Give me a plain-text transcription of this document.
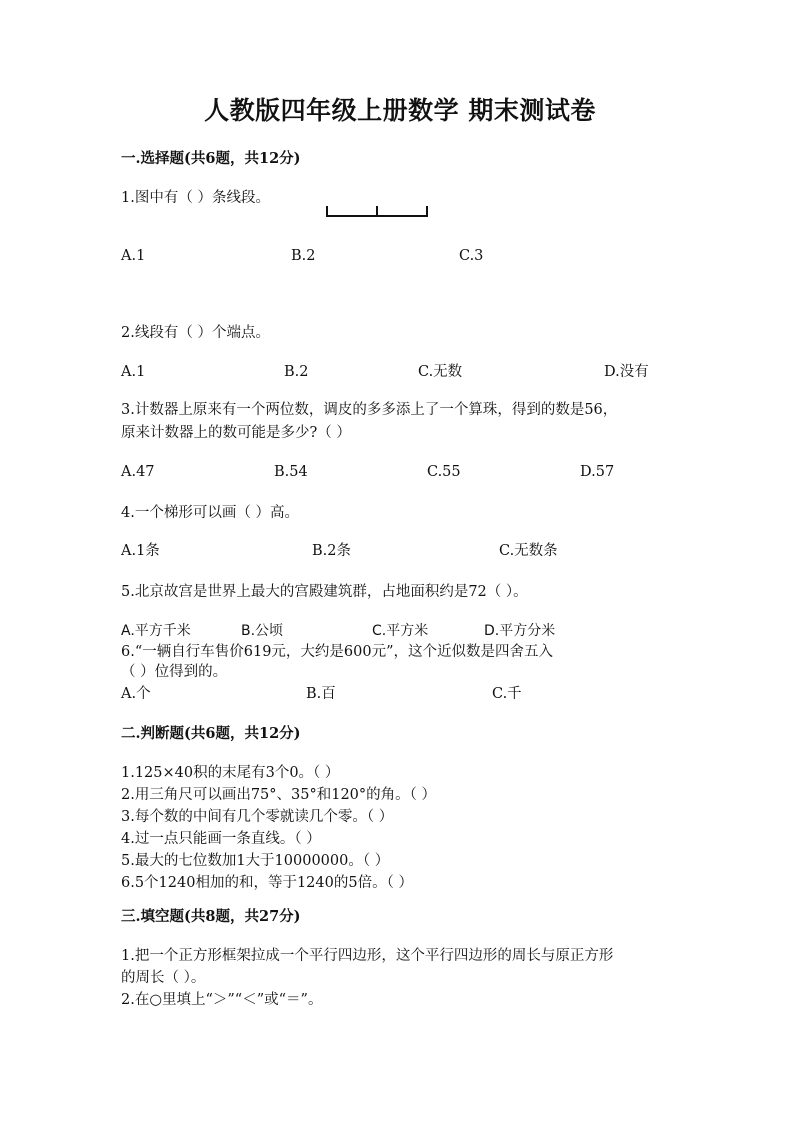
人教版四年级上册数学 期末测试卷
一.选择题(共6题，共12分)
1.图中有（ ）条线段。
A.1	B.2	C.3
2.线段有（ ）个端点。
A.1	B.2	C.无数	D.没有
3.计数器上原来有一个两位数，调皮的多多添上了一个算珠，得到的数是56，
原来计数器上的数可能是多少?（ ）
A.47	B.54	C.55	D.57
4.一个梯形可以画（ ）高。
A.1条	B.2条	C.无数条
5.北京故宫是世界上最大的宫殿建筑群，占地面积约是72（ ）。
A.平方千米	B.公顷	C.平方米	D.平方分米
6.“一辆自行车售价619元，大约是600元”，这个近似数是四舍五入
（ ）位得到的。
A.个	B.百	C.千
二.判断题(共6题，共12分)
1.125×40积的末尾有3个0。（ ）
2.用三角尺可以画出75°、35°和120°的角。（ ）
3.每个数的中间有几个零就读几个零。（ ）
4.过一点只能画一条直线。（ ）
5.最大的七位数加1大于10000000。（ ）
6.5个1240相加的和，等于1240的5倍。（ ）
三.填空题(共8题，共27分)
1.把一个正方形框架拉成一个平行四边形，这个平行四边形的周长与原正方形
的周长（ ）。
2.在○里填上“＞”“＜”或“＝”。
